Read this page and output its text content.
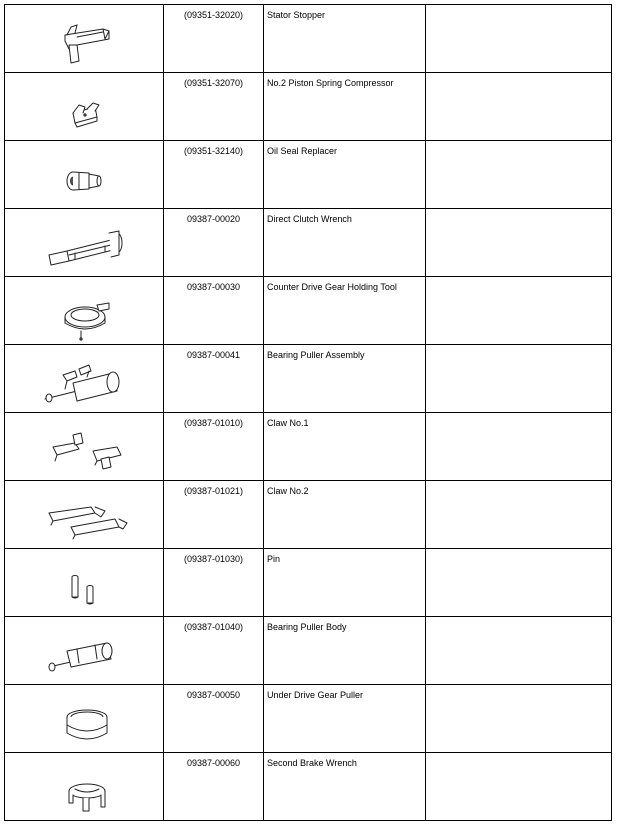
	(09351-32020)	Stator Stopper	

	(09351-32070)	No.2 Piston Spring Compressor	

	(09351-32140)	Oil Seal Replacer	

	09387-00020	Direct Clutch Wrench	

	09387-00030	Counter Drive Gear Holding Tool	

	09387-00041	Bearing Puller Assembly	

	(09387-01010)	Claw No.1	

	(09387-01021)	Claw No.2	

	(09387-01030)	Pin	

	(09387-01040)	Bearing Puller Body	

	09387-00050	Under Drive Gear Puller	

	09387-00060	Second Brake Wrench	
